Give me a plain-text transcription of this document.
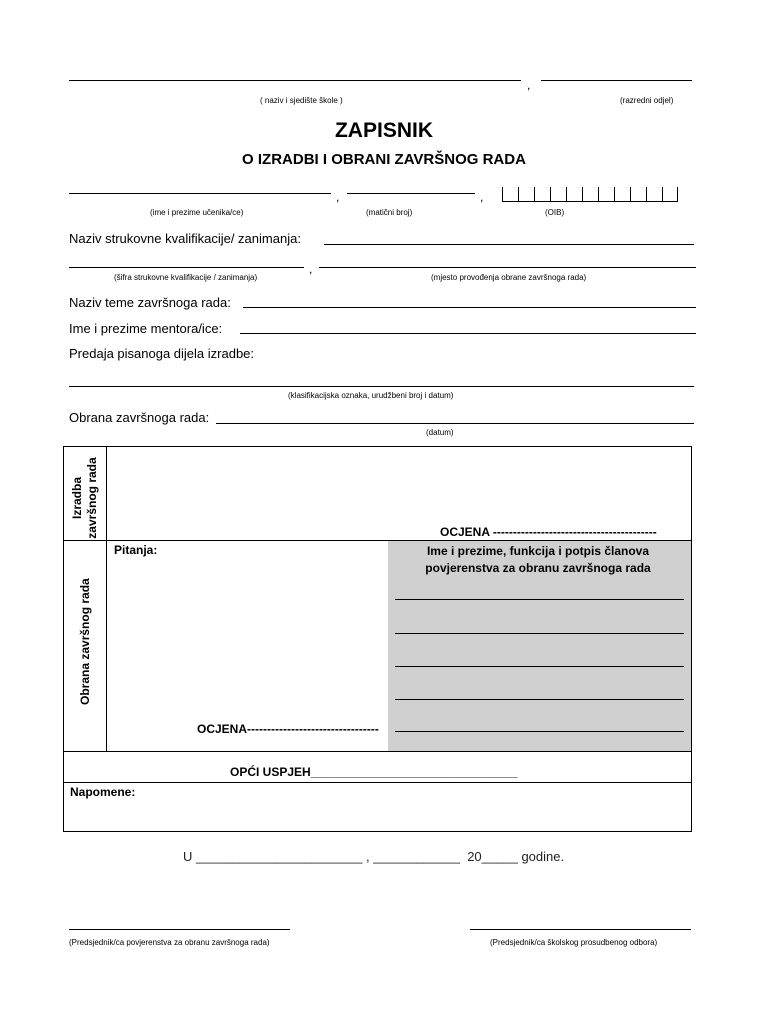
,
( naziv i sjedište škole )	(razredni odjel)
ZAPISNIK
O IZRADBI I OBRANI ZAVRŠNOG RADA
,	,
(ime i prezime učenika/ce)	(matični broj)	(OIB)
Naziv strukovne kvalifikacije/ zanimanja:
,
(šifra strukovne kvalifikacije / zanimanja)	(mjesto provođenja obrane završnoga rada)
Naziv teme završnoga rada:
Ime i prezime mentora/ice:
Predaja pisanoga dijela izradbe:
(klasifikacijska oznaka, urudžbeni broj i datum)
Obrana završnoga rada:
(datum)
Izradba završnog rada	OCJENA -----------------------------------------
Obrana završnog rada
Pitanja:
OCJENA---------------------------------
Ime i prezime, funkcija i potpis članova povjerenstva za obranu završnoga rada
OPĆI USPJEH_______________________________
Napomene:
U _______________________ , ____________ 20_____ godine.
(Predsjednik/ca povjerenstva za obranu završnoga rada)	(Predsjednik/ca školskog prosudbenog odbora)
